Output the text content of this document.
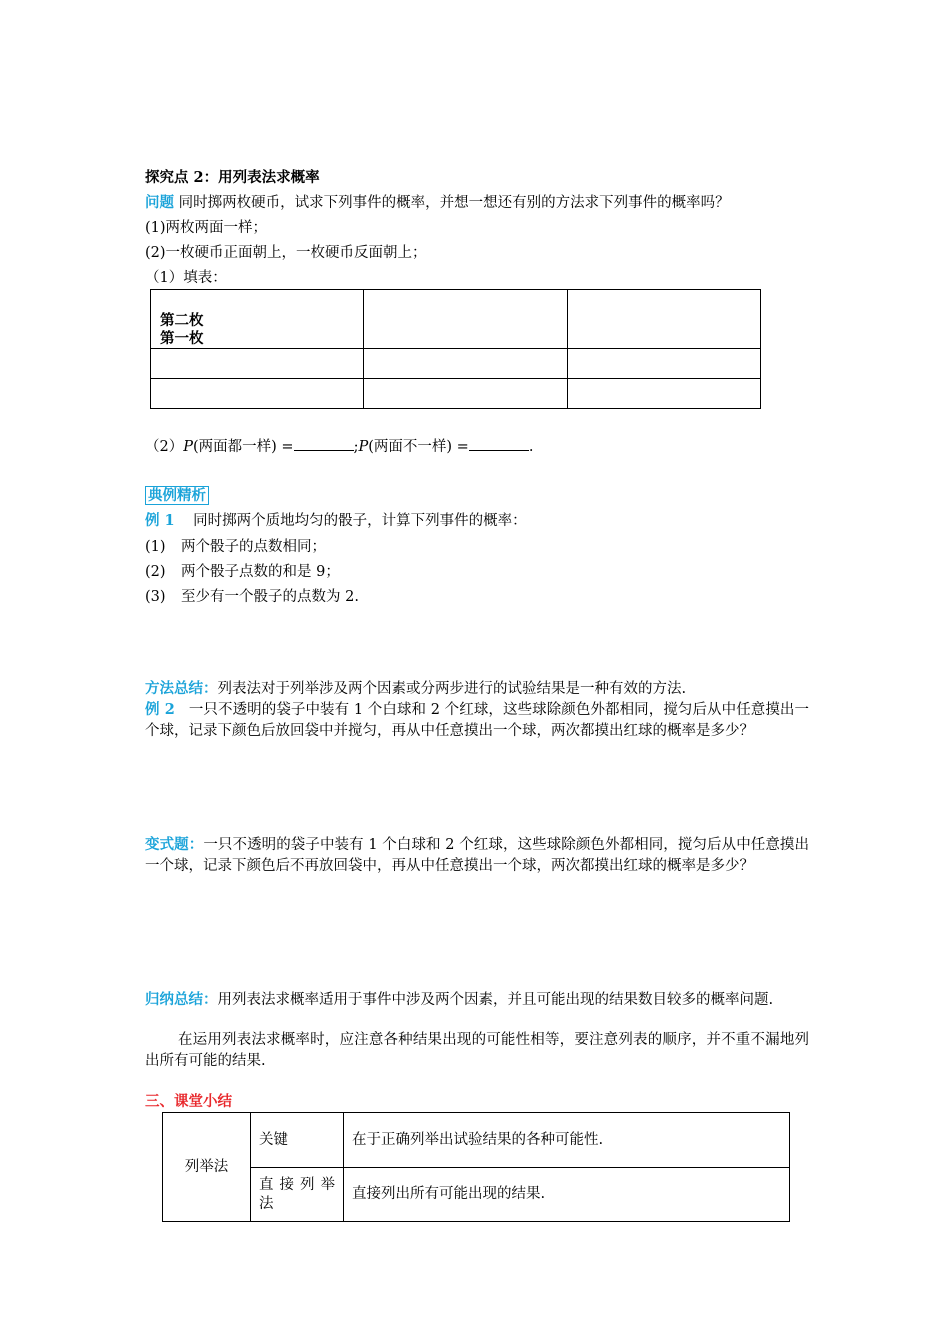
探究点 2：用列表法求概率
问题 同时掷两枚硬币，试求下列事件的概率，并想一想还有别的方法求下列事件的概率吗？
(1)两枚两面一样；
(2)一枚硬币正面朝上，一枚硬币反面朝上；
（1）填表：
第二枚
第一枚		

（2）P(两面都一样) =	;P(两面不一样) =	.
典例精析
例 1 同时掷两个质地均匀的骰子，计算下列事件的概率：
(1) 两个骰子的点数相同；
(2) 两个骰子点数的和是 9；
(3) 至少有一个骰子的点数为 2.
方法总结：列表法对于列举涉及两个因素或分两步进行的试验结果是一种有效的方法.
例 2 一只不透明的袋子中装有 1 个白球和 2 个红球，这些球除颜色外都相同，搅匀后从中任意摸出一个球，记录下颜色后放回袋中并搅匀，再从中任意摸出一个球，两次都摸出红球的概率是多少？
变式题：一只不透明的袋子中装有 1 个白球和 2 个红球，这些球除颜色外都相同，搅匀后从中任意摸出一个球，记录下颜色后不再放回袋中，再从中任意摸出一个球，两次都摸出红球的概率是多少？
归纳总结：用列表法求概率适用于事件中涉及两个因素，并且可能出现的结果数目较多的概率问题.
在运用列表法求概率时，应注意各种结果出现的可能性相等，要注意列表的顺序，并不重不漏地列出所有可能的结果.
三、课堂小结
列举法	关键	在于正确列举出试验结果的各种可能性.
	直 接 列 举 法	直接列出所有可能出现的结果.
